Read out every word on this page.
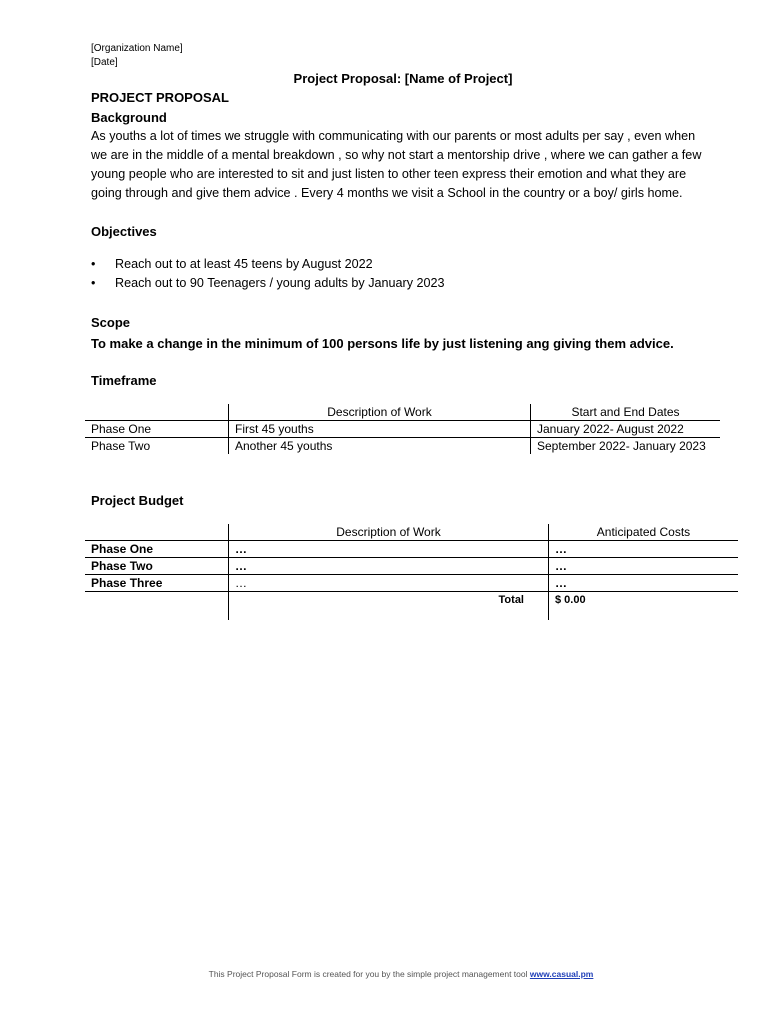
[Organization Name]
[Date]
Project Proposal: [Name of Project]
PROJECT PROPOSAL
Background
As youths a lot of times we struggle with communicating with our parents or most adults per say , even when we are in the middle of a mental breakdown , so why not start a mentorship drive , where we can gather a few young people who are interested to sit and just listen to other teen express their emotion and what they are going through and give them advice . Every 4 months we visit a School in the country or a boy/ girls home.
Objectives
• Reach out to at least 45 teens by August 2022
• Reach out to 90 Teenagers / young adults by January 2023
Scope
To make a change in the minimum of 100 persons life by just listening ang giving them advice.
Timeframe
	Description of Work	Start and End Dates
Phase One	First 45 youths	January 2022- August 2022
Phase Two	Another 45 youths	September 2022- January 2023
Project Budget
	Description of Work	Anticipated Costs
Phase One	…	…
Phase Two	…	…
Phase Three	…	…
	Total	$ 0.00
This Project Proposal Form is created for you by the simple project management tool www.casual.pm
